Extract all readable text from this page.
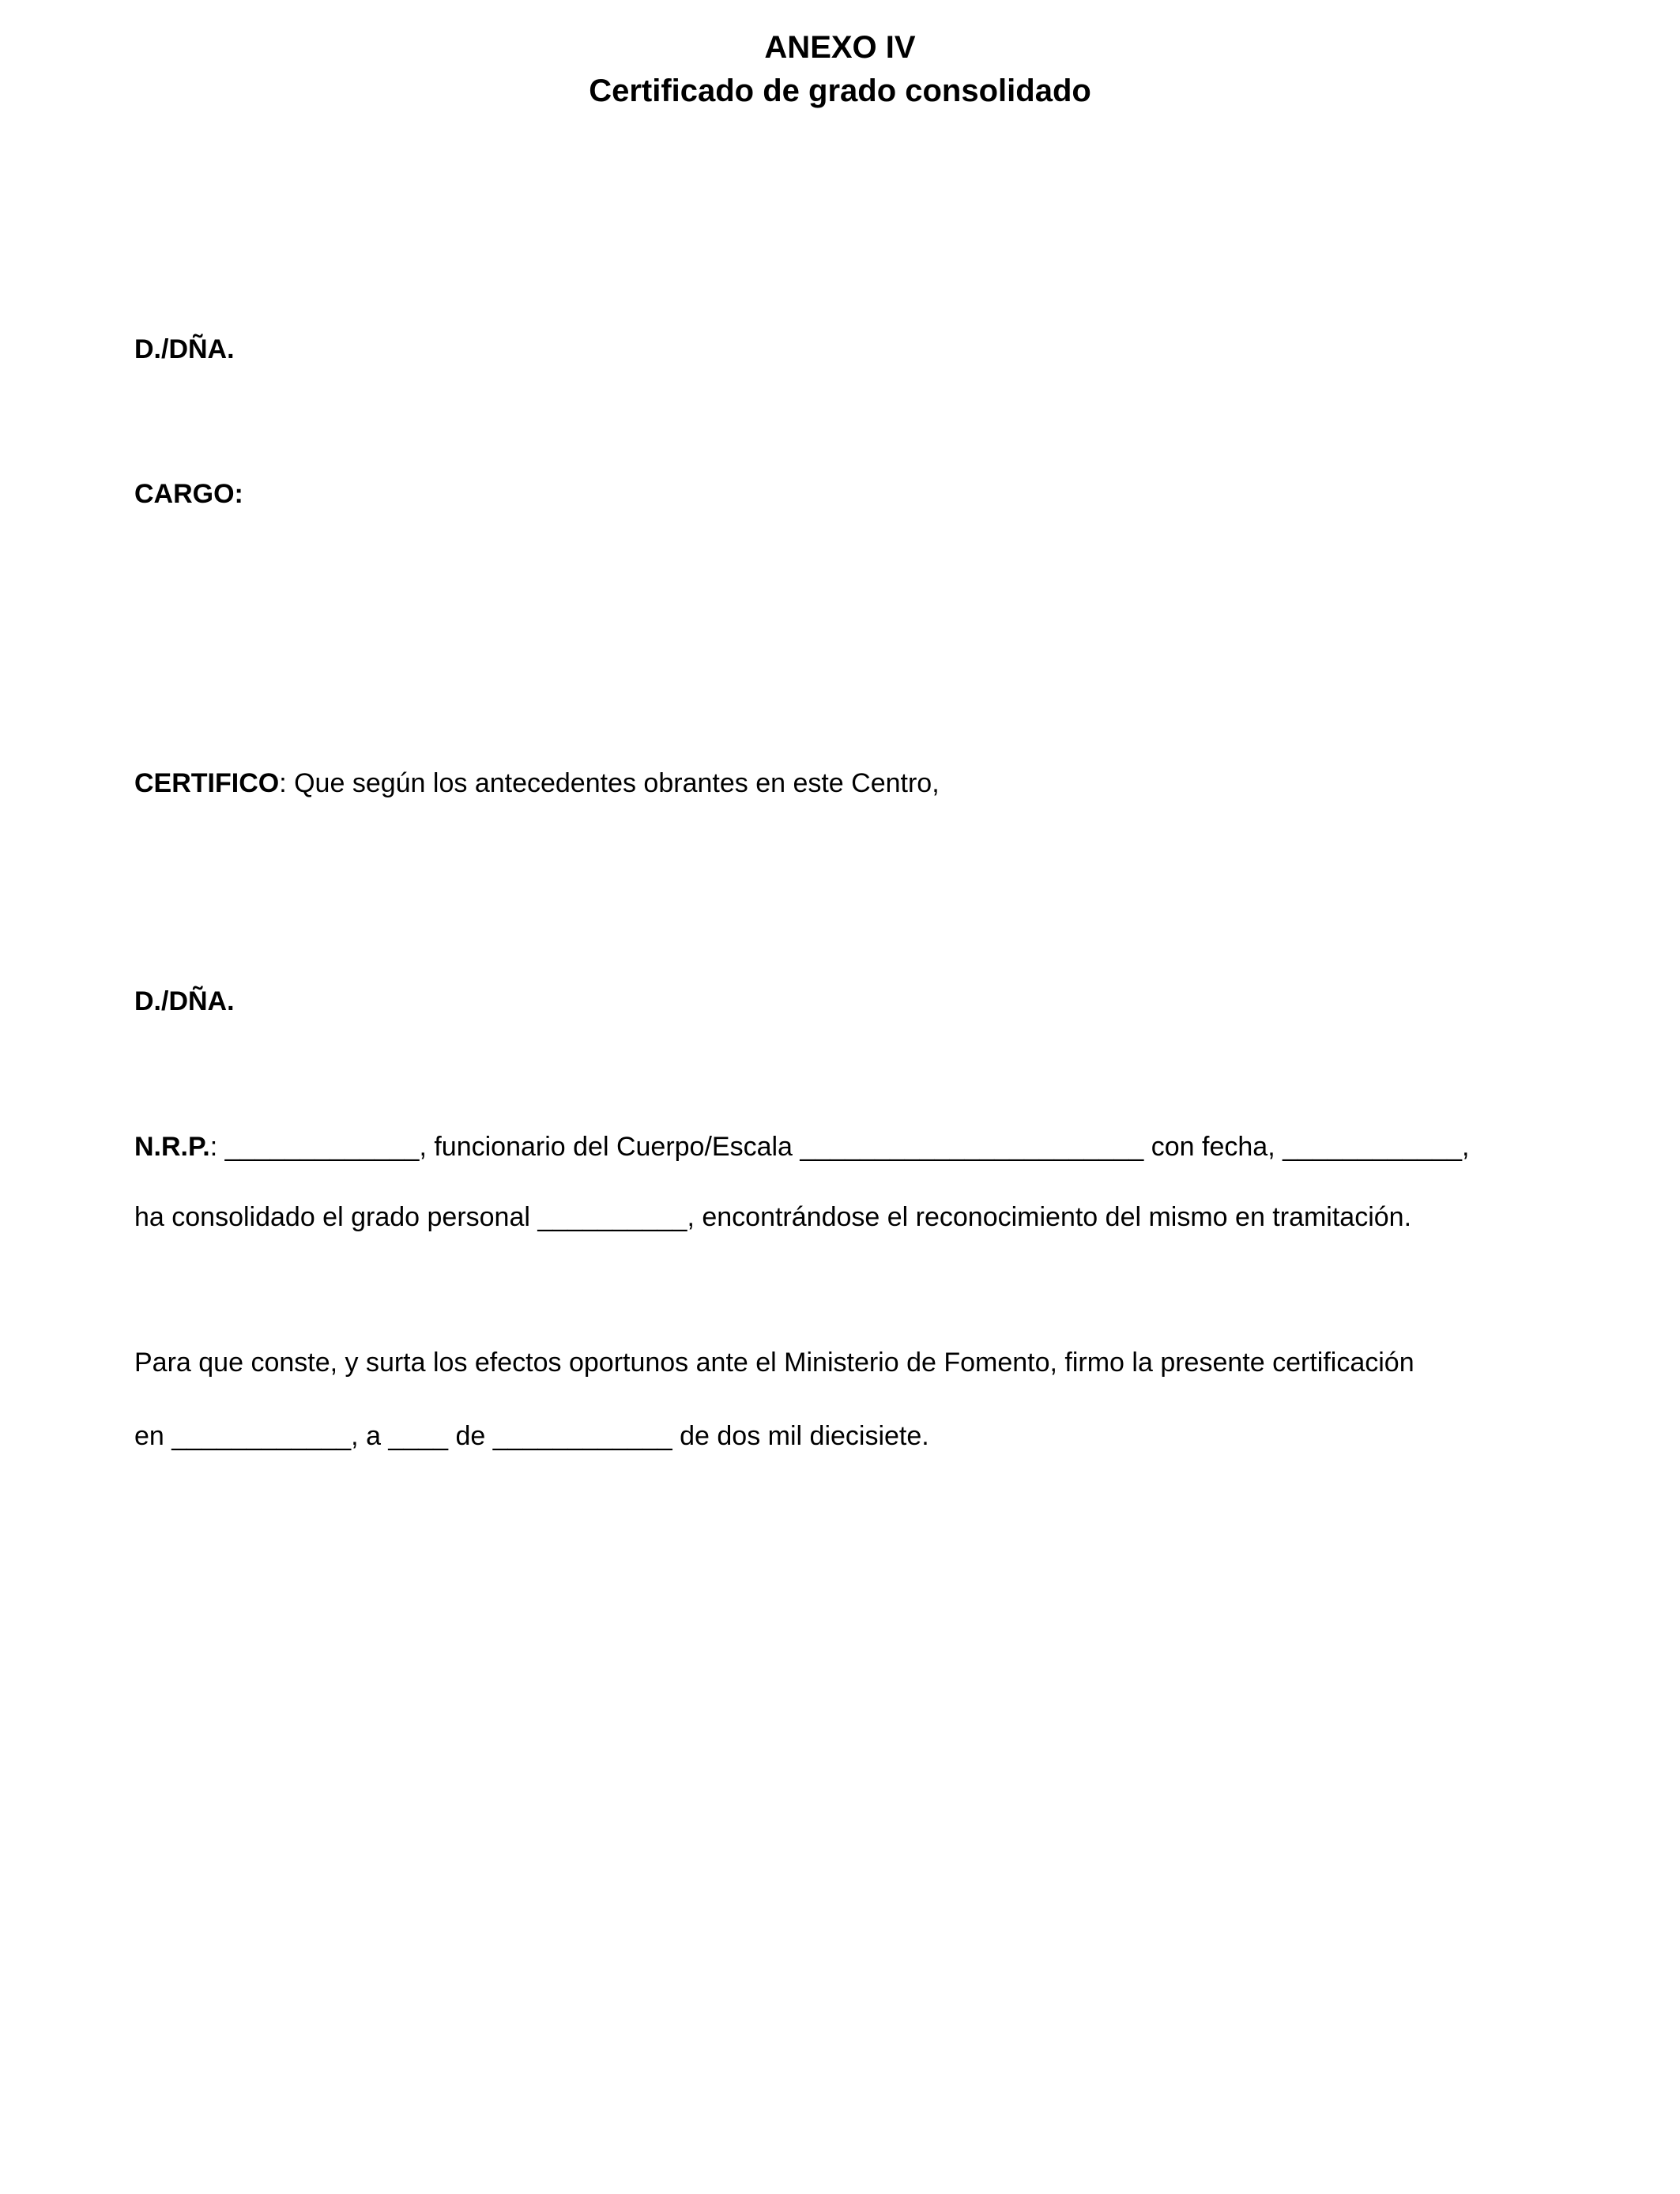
ANEXO IV
Certificado de grado consolidado
D./DÑA.
CARGO:
CERTIFICO: Que según los antecedentes obrantes en este Centro,
D./DÑA.
N.R.P.: _____________, funcionario del Cuerpo/Escala _______________________ con fecha, ____________,
ha consolidado el grado personal __________, encontrándose el reconocimiento del mismo en tramitación.
Para que conste, y surta los efectos oportunos ante el Ministerio de Fomento, firmo la presente certificación
en ____________, a ____ de ____________ de dos mil diecisiete.
